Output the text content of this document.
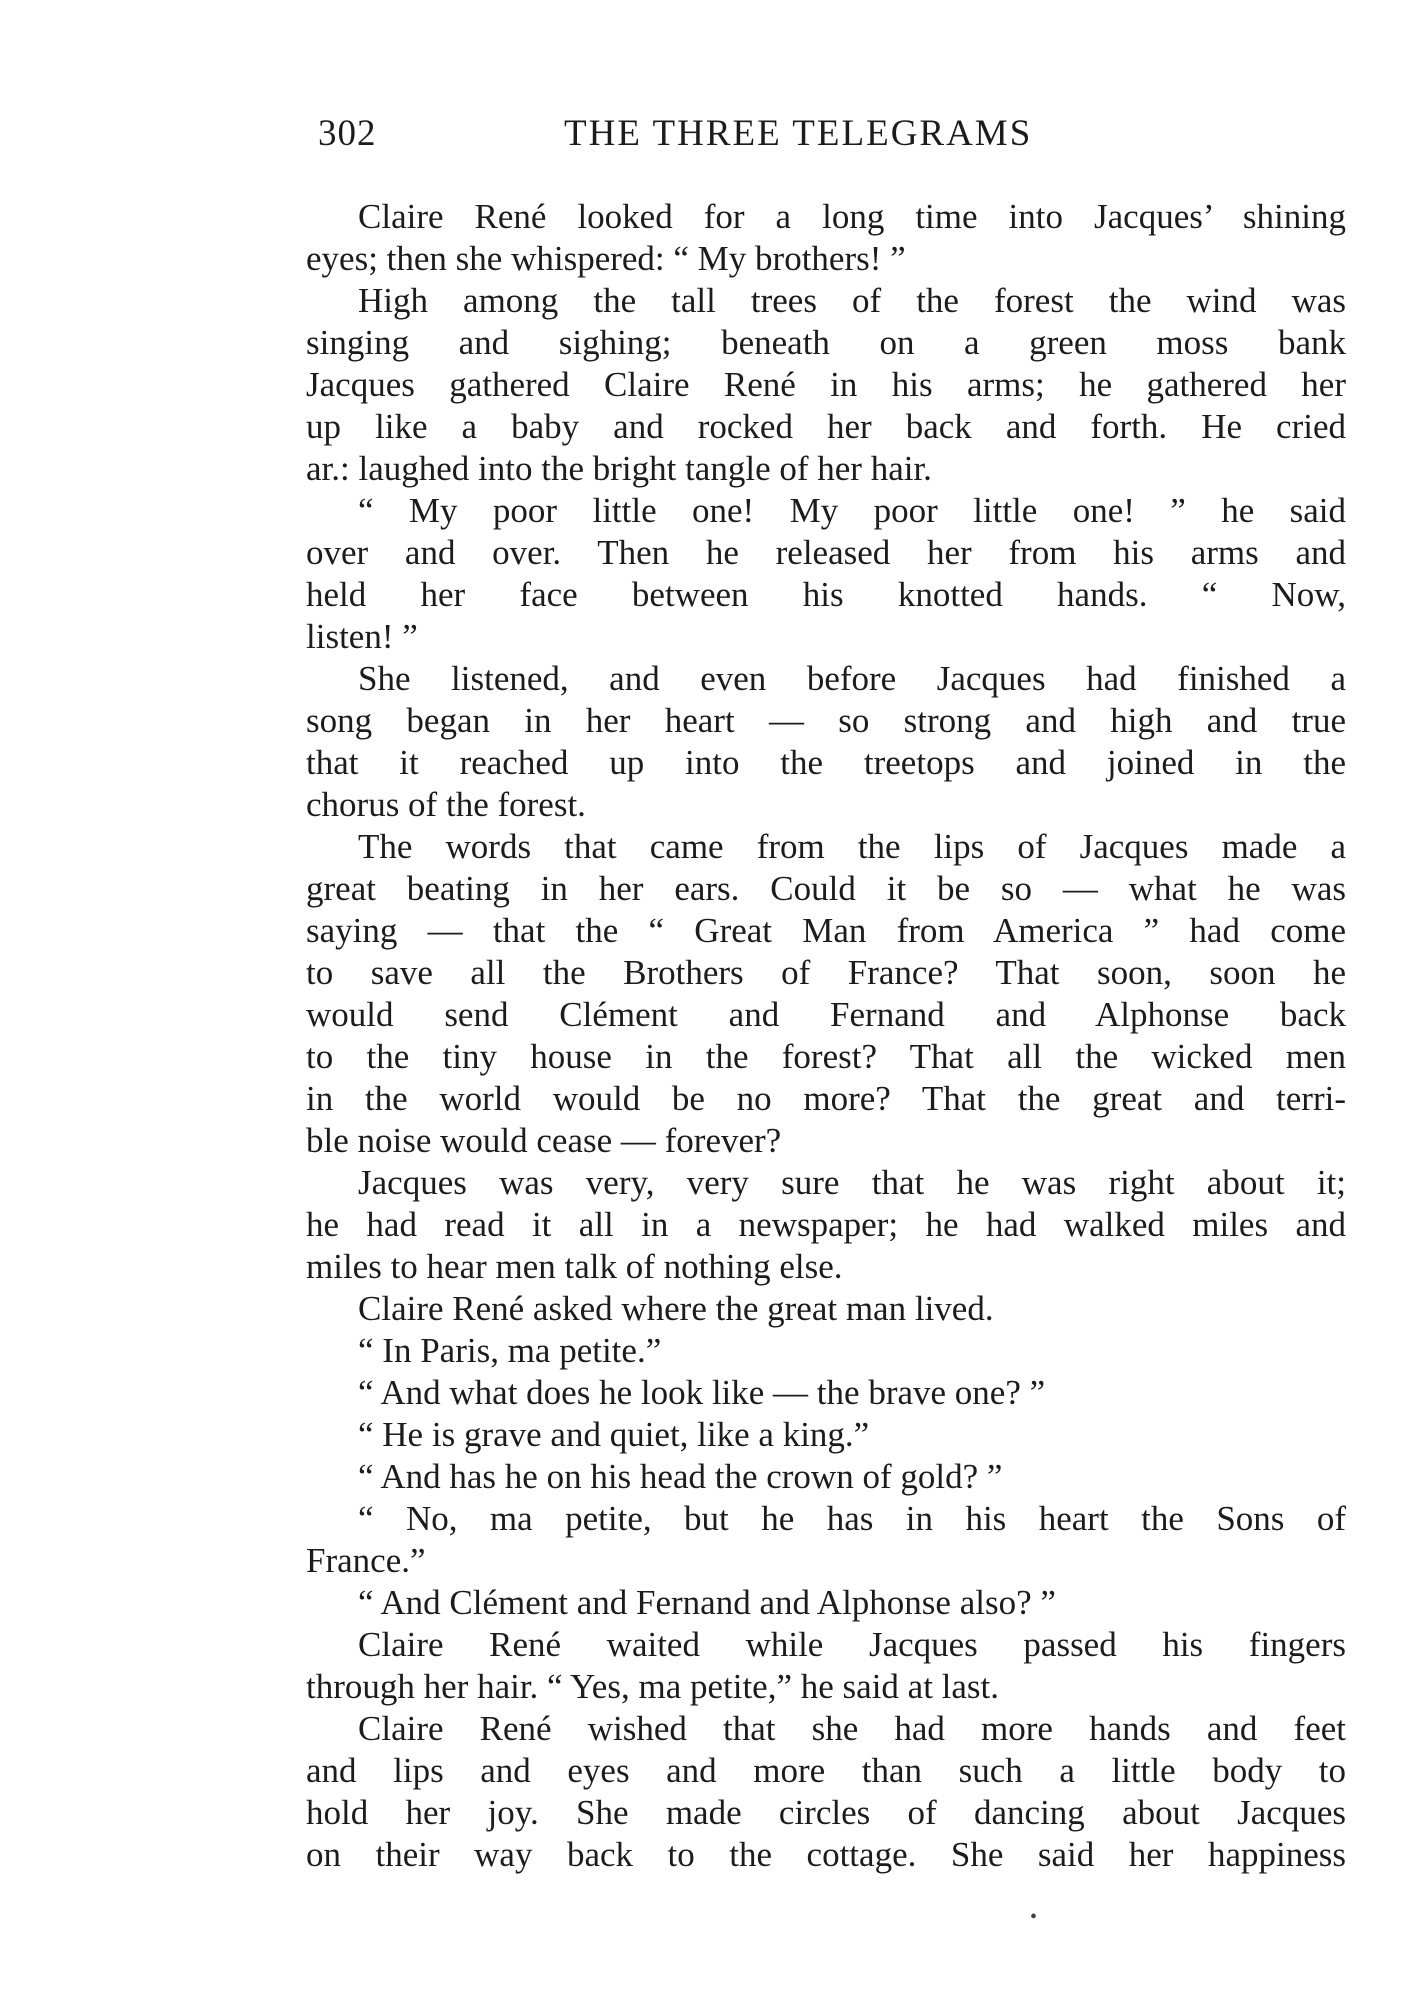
302	THE THREE TELEGRAMS
Claire René looked for a long time into Jacques’ shining
eyes; then she whispered: “ My brothers! ”
High among the tall trees of the forest the wind was
singing and sighing; beneath on a green moss bank
Jacques gathered Claire René in his arms; he gathered her
up like a baby and rocked her back and forth. He cried
ar.: laughed into the bright tangle of her hair.
“ My poor little one! My poor little one! ” he said
over and over. Then he released her from his arms and
held her face between his knotted hands. “ Now,
listen! ”
She listened, and even before Jacques had finished a
song began in her heart — so strong and high and true
that it reached up into the treetops and joined in the
chorus of the forest.
The words that came from the lips of Jacques made a
great beating in her ears. Could it be so — what he was
saying — that the “ Great Man from America ” had come
to save all the Brothers of France? That soon, soon he
would send Clément and Fernand and Alphonse back
to the tiny house in the forest? That all the wicked men
in the world would be no more? That the great and terri-
ble noise would cease — forever?
Jacques was very, very sure that he was right about it;
he had read it all in a newspaper; he had walked miles and
miles to hear men talk of nothing else.
Claire René asked where the great man lived.
“ In Paris, ma petite.”
“ And what does he look like — the brave one? ”
“ He is grave and quiet, like a king.”
“ And has he on his head the crown of gold? ”
“ No, ma petite, but he has in his heart the Sons of
France.”
“ And Clément and Fernand and Alphonse also? ”
Claire René waited while Jacques passed his fingers
through her hair. “ Yes, ma petite,” he said at last.
Claire René wished that she had more hands and feet
and lips and eyes and more than such a little body to
hold her joy. She made circles of dancing about Jacques
on their way back to the cottage. She said her happiness
•
